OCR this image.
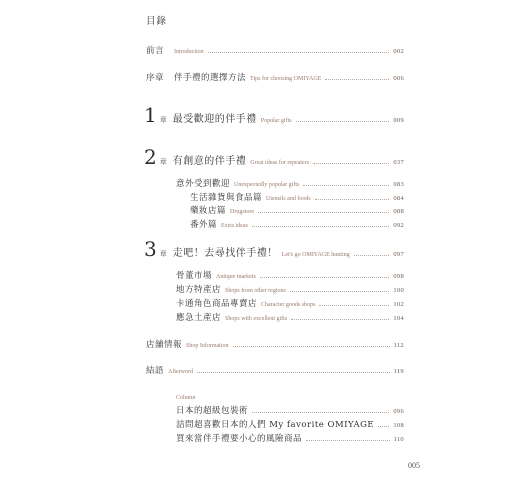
目錄
前言 Introduction	002
序章 伴手禮的選擇方法 Tips for choosing OMIYAGE	006
1 章 最受歡迎的伴手禮 Popular gifts	009
2 章 有創意的伴手禮 Great ideas for repeaters	037
意外受到歡迎 Unexpectedly popular gifts	083
生活雜貨與食品篇 Utensils and foods	084
藥妝店篇 Drugstore	088
番外篇 Extra ideas	092
3 章 走吧！去尋找伴手禮！ Let's go OMIYAGE hunting	097
骨董市場 Antique markets	098
地方特產店 Shops from other regions	100
卡通角色商品專賣店 Character goods shops	102
應急土產店 Shops with excellent gifts	104
店舖情報 Shop Information	112
結語 Afterword	119
Column
日本的超級包裝術	096
詰問超喜歡日本的人們 My favorite OMIYAGE	108
買來當伴手禮要小心的風險商品	110
005
